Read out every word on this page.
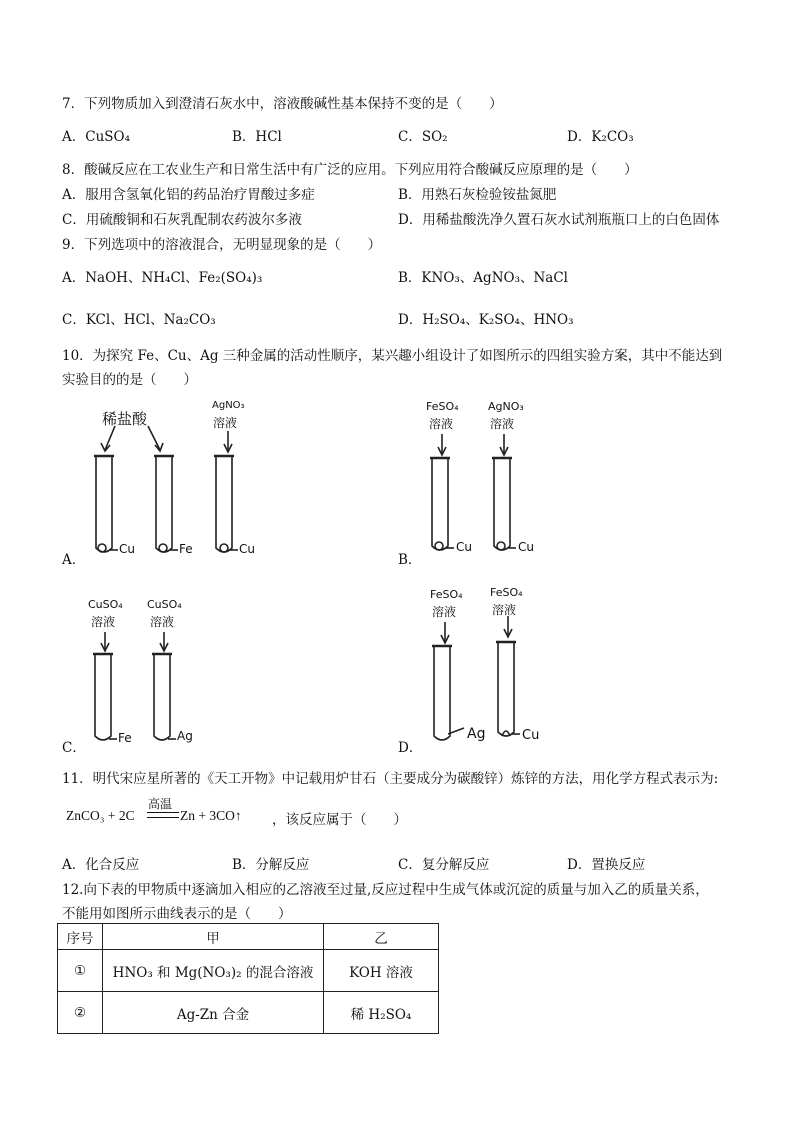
7．下列物质加入到澄清石灰水中，溶液酸碱性基本保持不变的是（　　）
A．CuSO₄	B．HCl	C．SO₂	D．K₂CO₃
8．酸碱反应在工农业生产和日常生活中有广泛的应用。下列应用符合酸碱反应原理的是（　　）
A．服用含氢氧化铝的药品治疗胃酸过多症	B．用熟石灰检验铵盐氮肥
C．用硫酸铜和石灰乳配制农药波尔多液	D．用稀盐酸洗净久置石灰水试剂瓶瓶口上的白色固体
9．下列选项中的溶液混合，无明显现象的是（　　）
A．NaOH、NH₄Cl、Fe₂(SO₄)₃	B．KNO₃、AgNO₃、NaCl
C．KCl、HCl、Na₂CO₃	D．H₂SO₄、K₂SO₄、HNO₃
10．为探究 Fe、Cu、Ag 三种金属的活动性顺序，某兴趣小组设计了如图所示的四组实验方案，其中不能达到
实验目的的是（　　）
稀盐酸
AgNO₃
溶液
Cu	Fe	Cu
A．
FeSO₄
溶液
AgNO₃
溶液
Cu	Cu
B．
CuSO₄
溶液
CuSO₄
溶液
Fe	Ag
C．
FeSO₄
溶液
FeSO₄
溶液
Ag	Cu
D．
11．明代宋应星所著的《天工开物》中记载用炉甘石（主要成分为碳酸锌）炼锌的方法，用化学方程式表示为:
ZnCO₃ + 2C
高温
Zn + 3CO↑ ，该反应属于（　　）
A．化合反应	B．分解反应	C．复分解反应	D．置换反应
12.向下表的甲物质中逐滴加入相应的乙溶液至过量,反应过程中生成气体或沉淀的质量与加入乙的质量关系，
不能用如图所示曲线表示的是（　　）
序号	甲	乙
①	HNO₃ 和 Mg(NO₃)₂ 的混合溶液	KOH 溶液
②	Ag-Zn 合金	稀 H₂SO₄
